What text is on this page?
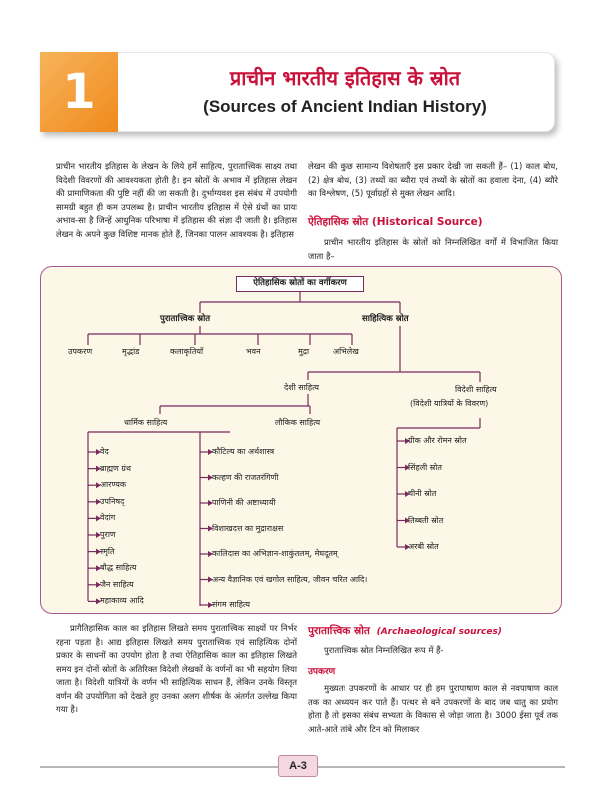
1	प्राचीन भारतीय इतिहास के स्रोत
(Sources of Ancient Indian History)
प्राचीन भारतीय इतिहास के लेखन के लिये हमें साहित्य, पुरातात्त्विक साक्ष्य तथा विदेशी विवरणों की आवश्यकता होती है। इन स्रोतों के अभाव में इतिहास लेखन की प्रामाणिकता की पुष्टि नहीं की जा सकती है। दुर्भाग्यवश इस संबंध में उपयोगी सामग्री बहुत ही कम उपलब्ध है। प्राचीन भारतीय इतिहास में ऐसे ग्रंथों का प्रायः अभाव-सा है जिन्हें आधुनिक परिभाषा में इतिहास की संज्ञा दी जाती है। इतिहास लेखन के अपने कुछ विशिष्ट मानक होते हैं, जिनका पालन आवश्यक है। इतिहास
लेखन की कुछ सामान्य विशेषताएँ इस प्रकार देखी जा सकती हैं– (1) काल बोध, (2) क्षेत्र बोध, (3) तथ्यों का ब्यौरा एवं तथ्यों के स्रोतों का हवाला देना, (4) ब्यौरे का विश्लेषण, (5) पूर्वाग्रहों से मुक्त लेखन आदि।
ऐतिहासिक स्रोत (Historical Source)
प्राचीन भारतीय इतिहास के स्रोतों को निम्नलिखित वर्गों में विभाजित किया जाता है–
ऐतिहासिक स्रोतों का वर्गीकरण
पुरातात्त्विक स्रोत	साहित्यिक स्रोत
उपकरण	मृद्भांड	कलाकृतियाँ	भवन	मुद्रा	अभिलेख
देशी साहित्य	विदेशी साहित्य
(विदेशी यात्रियों के विवरण)
धार्मिक साहित्य	लौकिक साहित्य
वेद
ब्राह्मण ग्रंथ
आरण्यक
उपनिषद्
वेदांग
पुराण
स्मृति
बौद्ध साहित्य
जैन साहित्य
महाकाव्य आदि
कौटिल्य का अर्थशास्त्र
कल्हण की राजतरंगिणी
पाणिनी की अष्टाध्यायी
विशाखदत्त का मुद्राराक्षस
कालिदास का अभिज्ञान-शाकुंतलम्, मेघदूतम्
अन्य वैज्ञानिक एवं खगोल साहित्य, जीवन चरित आदि।
संगम साहित्य
ग्रीक और रोमन स्रोत
सिंहली स्रोत
चीनी स्रोत
तिब्बती स्रोत
अरबी स्रोत
प्रागैतिहासिक काल का इतिहास लिखते समय पुरातात्त्विक साक्ष्यों पर निर्भर रहना पड़ता है। आद्य इतिहास लिखते समय पुरातात्त्विक एवं साहित्यिक दोनों प्रकार के साधनों का उपयोग होता है तथा ऐतिहासिक काल का इतिहास लिखते समय इन दोनों स्रोतों के अतिरिक्त विदेशी लेखकों के वर्णनों का भी सहयोग लिया जाता है। विदेशी यात्रियों के वर्णन भी साहित्यिक साधन हैं, लेकिन उनके विस्तृत वर्णन की उपयोगिता को देखते हुए उनका अलग शीर्षक के अंतर्गत उल्लेख किया गया है।
पुरातात्त्विक स्रोत (Archaeological sources)
पुरातात्त्विक स्रोत निम्नलिखित रूप में हैं-
उपकरण
मुख्यतः उपकरणों के आधार पर ही हम पुरापाषाण काल से नवपाषाण काल तक का अध्ययन कर पाते हैं। पत्थर से बने उपकरणों के बाद जब धातु का प्रयोग होता है तो इसका संबंध सभ्यता के विकास से जोड़ा जाता है। 3000 ईसा पूर्व तक आते-आते तांबे और टिन को मिलाकर
A-3
